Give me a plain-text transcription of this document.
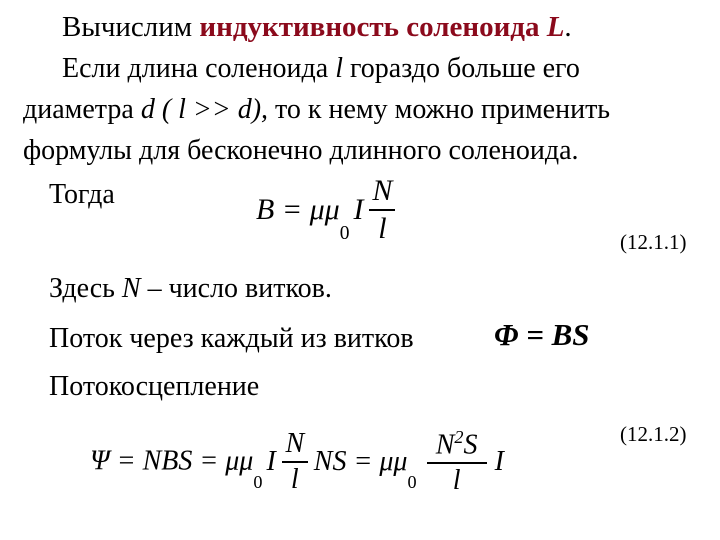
Вычислим индуктивность соленоида L.
Если длина соленоида l гораздо больше его
диаметра d ( l >> d), то к нему можно применить
формулы для бесконечно длинного соленоида.
Тогда	$B = \mu\mu_0I \frac{N}{l}$	(12.1.1)
Здесь N – число витков.
Поток через каждый из витков	Φ = BS
Потокосцепление
(12.1.2)
Ψ = NBS = $\mu\mu_0I \frac{N}{l}$ NS = $\mu\mu_0 \frac{N^2S}{l}$ I
